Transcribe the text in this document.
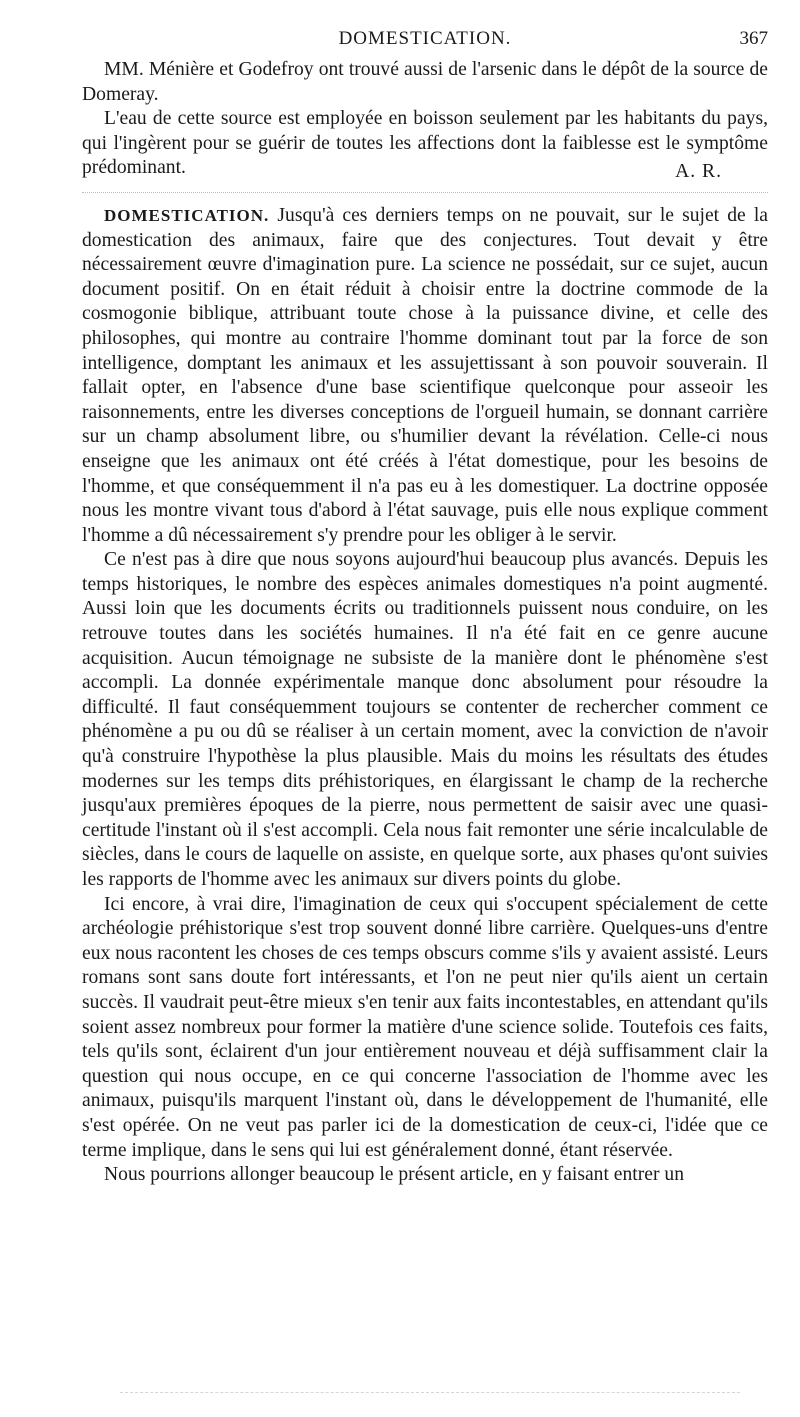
DOMESTICATION.	367

MM. Ménière et Godefroy ont trouvé aussi de l'arsenic dans le dépôt de la source de Domeray.

L'eau de cette source est employée en boisson seulement par les habitants du pays, qui l'ingèrent pour se guérir de toutes les affections dont la faiblesse est le symptôme prédominant.	A. R.

DOMESTICATION. Jusqu'à ces derniers temps on ne pouvait, sur le sujet de la domestication des animaux, faire que des conjectures. Tout devait y être nécessairement œuvre d'imagination pure. La science ne possédait, sur ce sujet, aucun document positif. On en était réduit à choisir entre la doctrine commode de la cosmogonie biblique, attribuant toute chose à la puissance divine, et celle des philosophes, qui montre au contraire l'homme dominant tout par la force de son intelligence, domptant les animaux et les assujettissant à son pouvoir souverain. Il fallait opter, en l'absence d'une base scientifique quelconque pour asseoir les raisonnements, entre les diverses conceptions de l'orgueil humain, se donnant carrière sur un champ absolument libre, ou s'humilier devant la révélation. Celle-ci nous enseigne que les animaux ont été créés à l'état domestique, pour les besoins de l'homme, et que conséquemment il n'a pas eu à les domestiquer. La doctrine opposée nous les montre vivant tous d'abord à l'état sauvage, puis elle nous explique comment l'homme a dû nécessairement s'y prendre pour les obliger à le servir.

Ce n'est pas à dire que nous soyons aujourd'hui beaucoup plus avancés. Depuis les temps historiques, le nombre des espèces animales domestiques n'a point augmenté. Aussi loin que les documents écrits ou traditionnels puissent nous conduire, on les retrouve toutes dans les sociétés humaines. Il n'a été fait en ce genre aucune acquisition. Aucun témoignage ne subsiste de la manière dont le phénomène s'est accompli. La donnée expérimentale manque donc absolument pour résoudre la difficulté. Il faut conséquemment toujours se contenter de rechercher comment ce phénomène a pu ou dû se réaliser à un certain moment, avec la conviction de n'avoir qu'à construire l'hypothèse la plus plausible. Mais du moins les résultats des études modernes sur les temps dits préhistoriques, en élargissant le champ de la recherche jusqu'aux premières époques de la pierre, nous permettent de saisir avec une quasi-certitude l'instant où il s'est accompli. Cela nous fait remonter une série incalculable de siècles, dans le cours de laquelle on assiste, en quelque sorte, aux phases qu'ont suivies les rapports de l'homme avec les animaux sur divers points du globe.

Ici encore, à vrai dire, l'imagination de ceux qui s'occupent spécialement de cette archéologie préhistorique s'est trop souvent donné libre carrière. Quelques-uns d'entre eux nous racontent les choses de ces temps obscurs comme s'ils y avaient assisté. Leurs romans sont sans doute fort intéressants, et l'on ne peut nier qu'ils aient un certain succès. Il vaudrait peut-être mieux s'en tenir aux faits incontestables, en attendant qu'ils soient assez nombreux pour former la matière d'une science solide. Toutefois ces faits, tels qu'ils sont, éclairent d'un jour entièrement nouveau et déjà suffisamment clair la question qui nous occupe, en ce qui concerne l'association de l'homme avec les animaux, puisqu'ils marquent l'instant où, dans le développement de l'humanité, elle s'est opérée. On ne veut pas parler ici de la domestication de ceux-ci, l'idée que ce terme implique, dans le sens qui lui est généralement donné, étant réservée.

Nous pourrions allonger beaucoup le présent article, en y faisant entrer un
